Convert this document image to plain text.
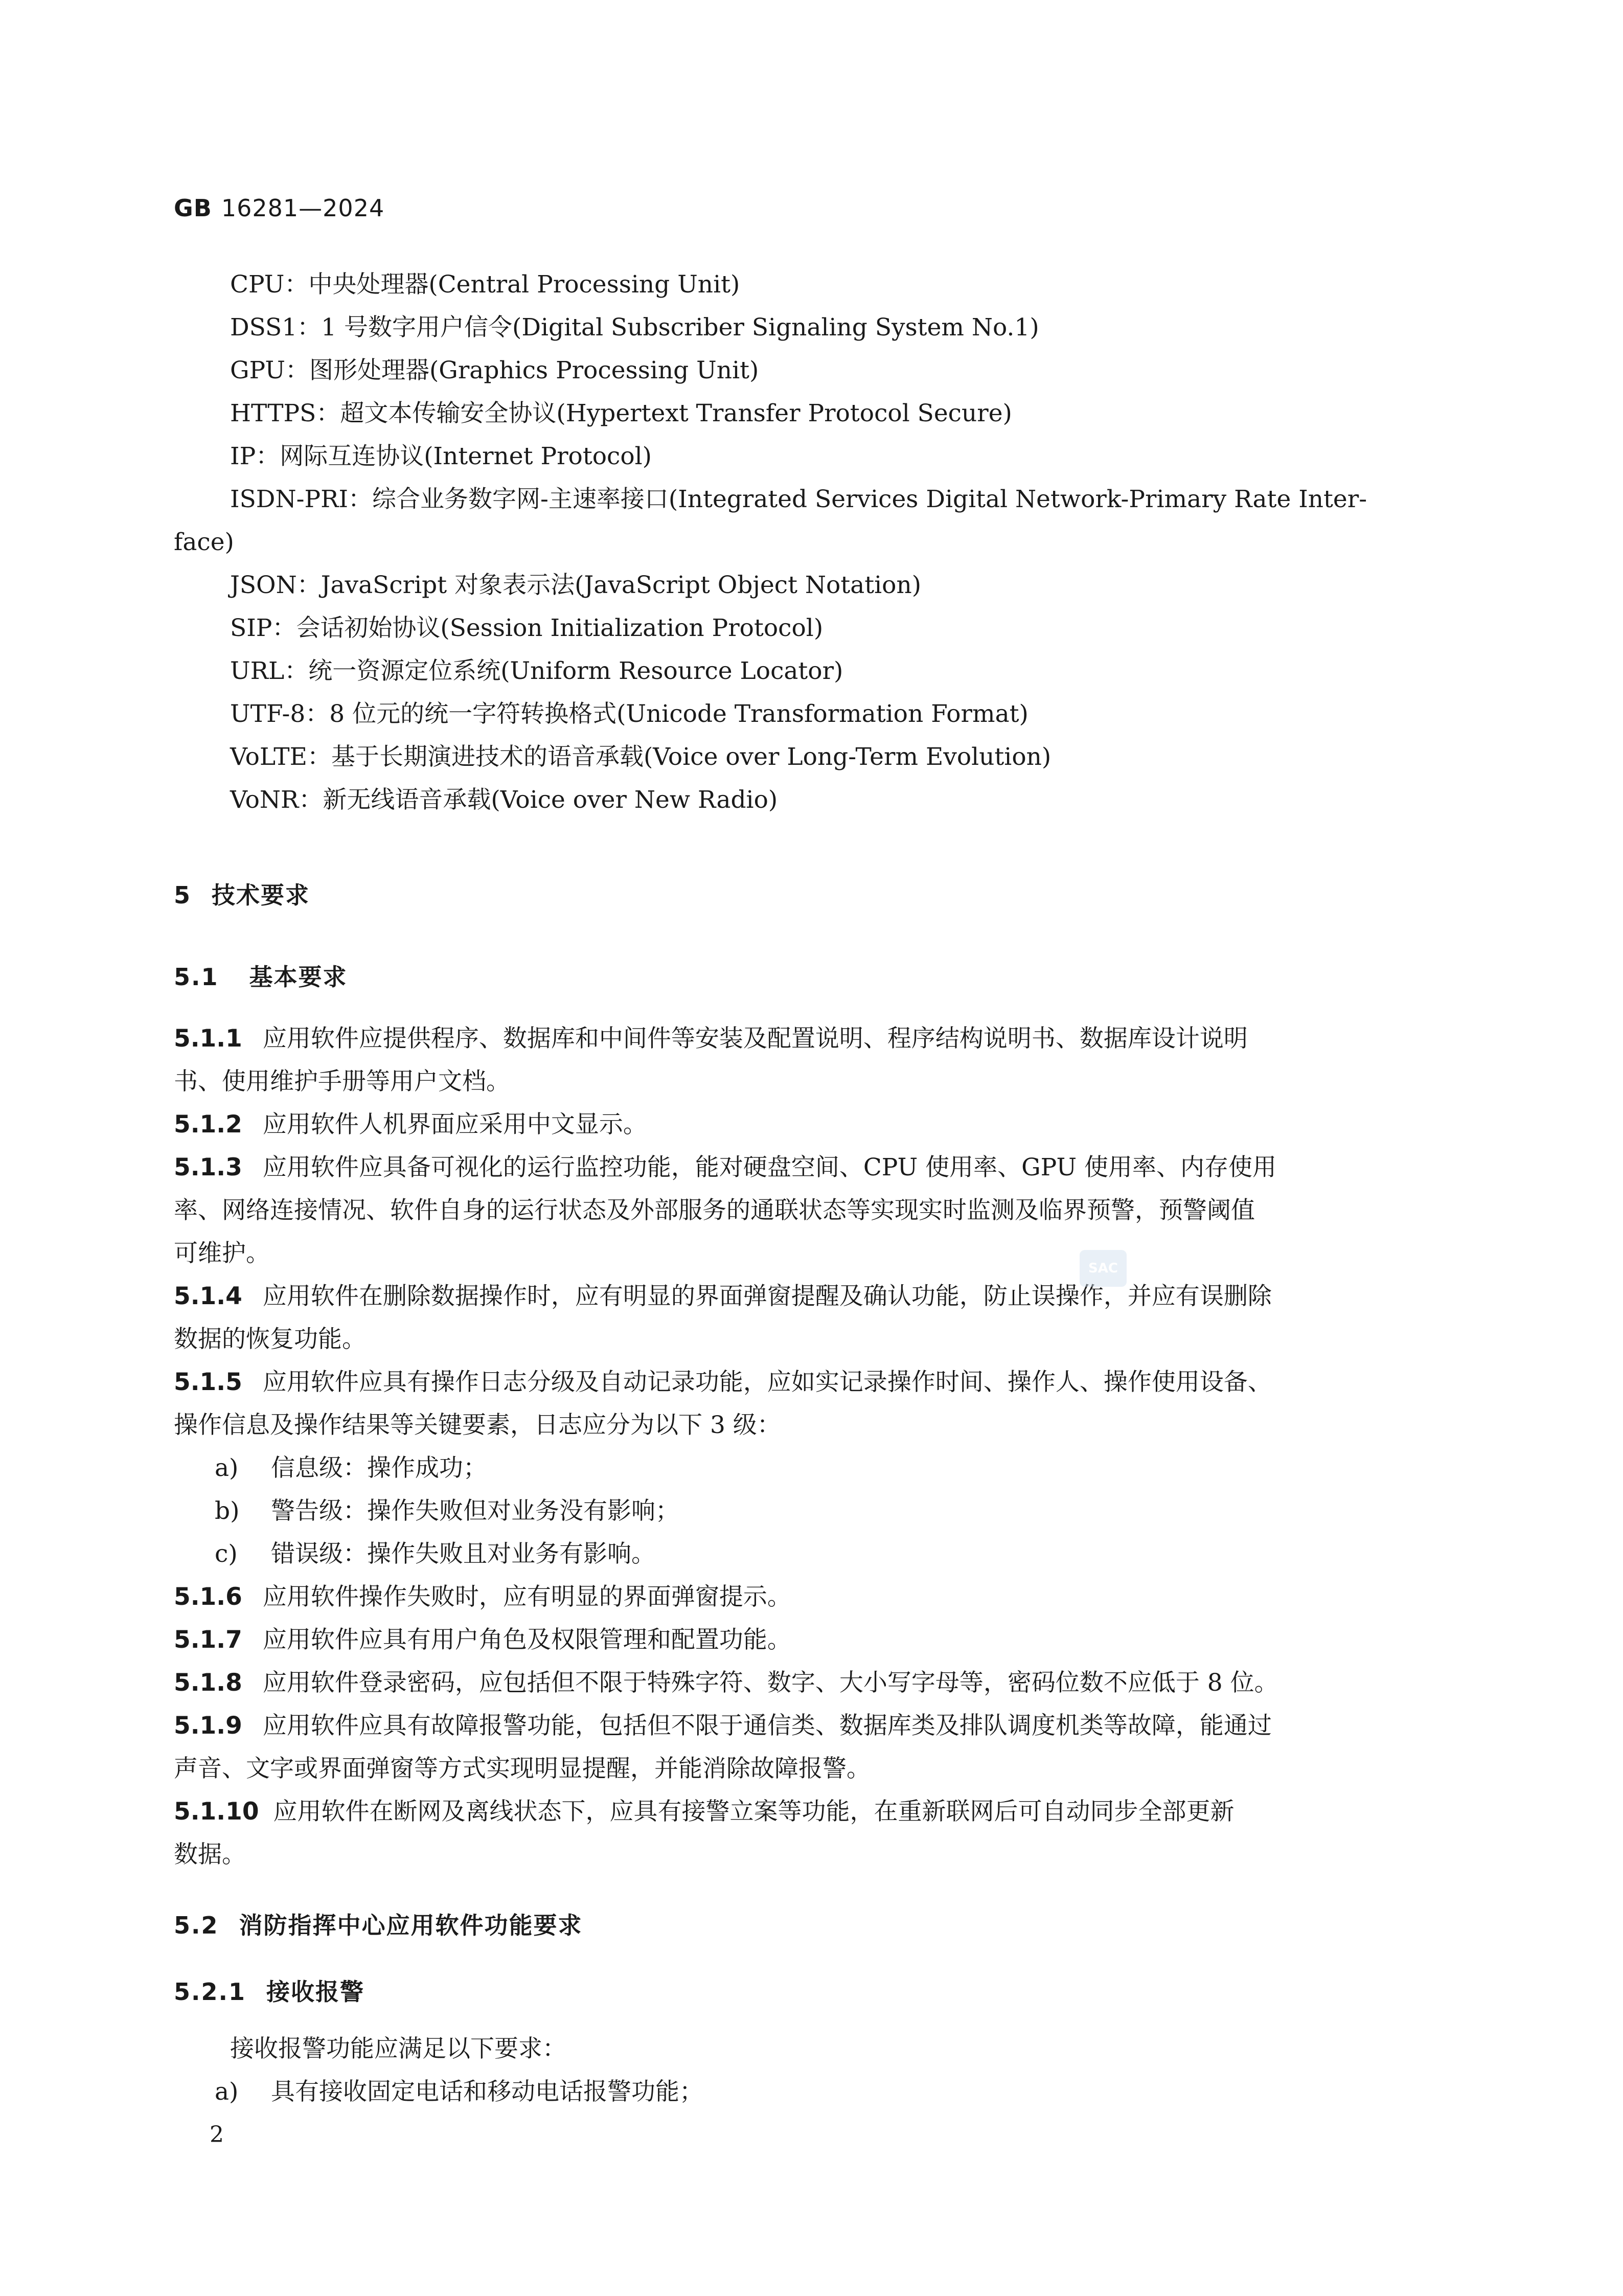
GB 16281—2024
CPU：中央处理器(Central Processing Unit)
DSS1：1 号数字用户信令(Digital Subscriber Signaling System No.1)
GPU：图形处理器(Graphics Processing Unit)
HTTPS：超文本传输安全协议(Hypertext Transfer Protocol Secure)
IP：网际互连协议(Internet Protocol)
ISDN-PRI：综合业务数字网-主速率接口(Integrated Services Digital Network-Primary Rate Inter-
face)
JSON：JavaScript 对象表示法(JavaScript Object Notation)
SIP：会话初始协议(Session Initialization Protocol)
URL：统一资源定位系统(Uniform Resource Locator)
UTF-8：8 位元的统一字符转换格式(Unicode Transformation Format)
VoLTE：基于长期演进技术的语音承载(Voice over Long-Term Evolution)
VoNR：新无线语音承载(Voice over New Radio)
5 技术要求
5.1 基本要求
5.1.1 应用软件应提供程序、数据库和中间件等安装及配置说明、程序结构说明书、数据库设计说明
书、使用维护手册等用户文档。
5.1.2 应用软件人机界面应采用中文显示。
5.1.3 应用软件应具备可视化的运行监控功能，能对硬盘空间、CPU 使用率、GPU 使用率、内存使用
率、网络连接情况、软件自身的运行状态及外部服务的通联状态等实现实时监测及临界预警，预警阈值
可维护。
5.1.4 应用软件在删除数据操作时，应有明显的界面弹窗提醒及确认功能，防止误操作，并应有误删除
数据的恢复功能。
5.1.5 应用软件应具有操作日志分级及自动记录功能，应如实记录操作时间、操作人、操作使用设备、
操作信息及操作结果等关键要素，日志应分为以下 3 级：
a) 信息级：操作成功；
b) 警告级：操作失败但对业务没有影响；
c) 错误级：操作失败且对业务有影响。
5.1.6 应用软件操作失败时，应有明显的界面弹窗提示。
5.1.7 应用软件应具有用户角色及权限管理和配置功能。
5.1.8 应用软件登录密码，应包括但不限于特殊字符、数字、大小写字母等，密码位数不应低于 8 位。
5.1.9 应用软件应具有故障报警功能，包括但不限于通信类、数据库类及排队调度机类等故障，能通过
声音、文字或界面弹窗等方式实现明显提醒，并能消除故障报警。
5.1.10 应用软件在断网及离线状态下，应具有接警立案等功能，在重新联网后可自动同步全部更新
数据。
5.2 消防指挥中心应用软件功能要求
5.2.1 接收报警
接收报警功能应满足以下要求：
a) 具有接收固定电话和移动电话报警功能；
SAC
2
